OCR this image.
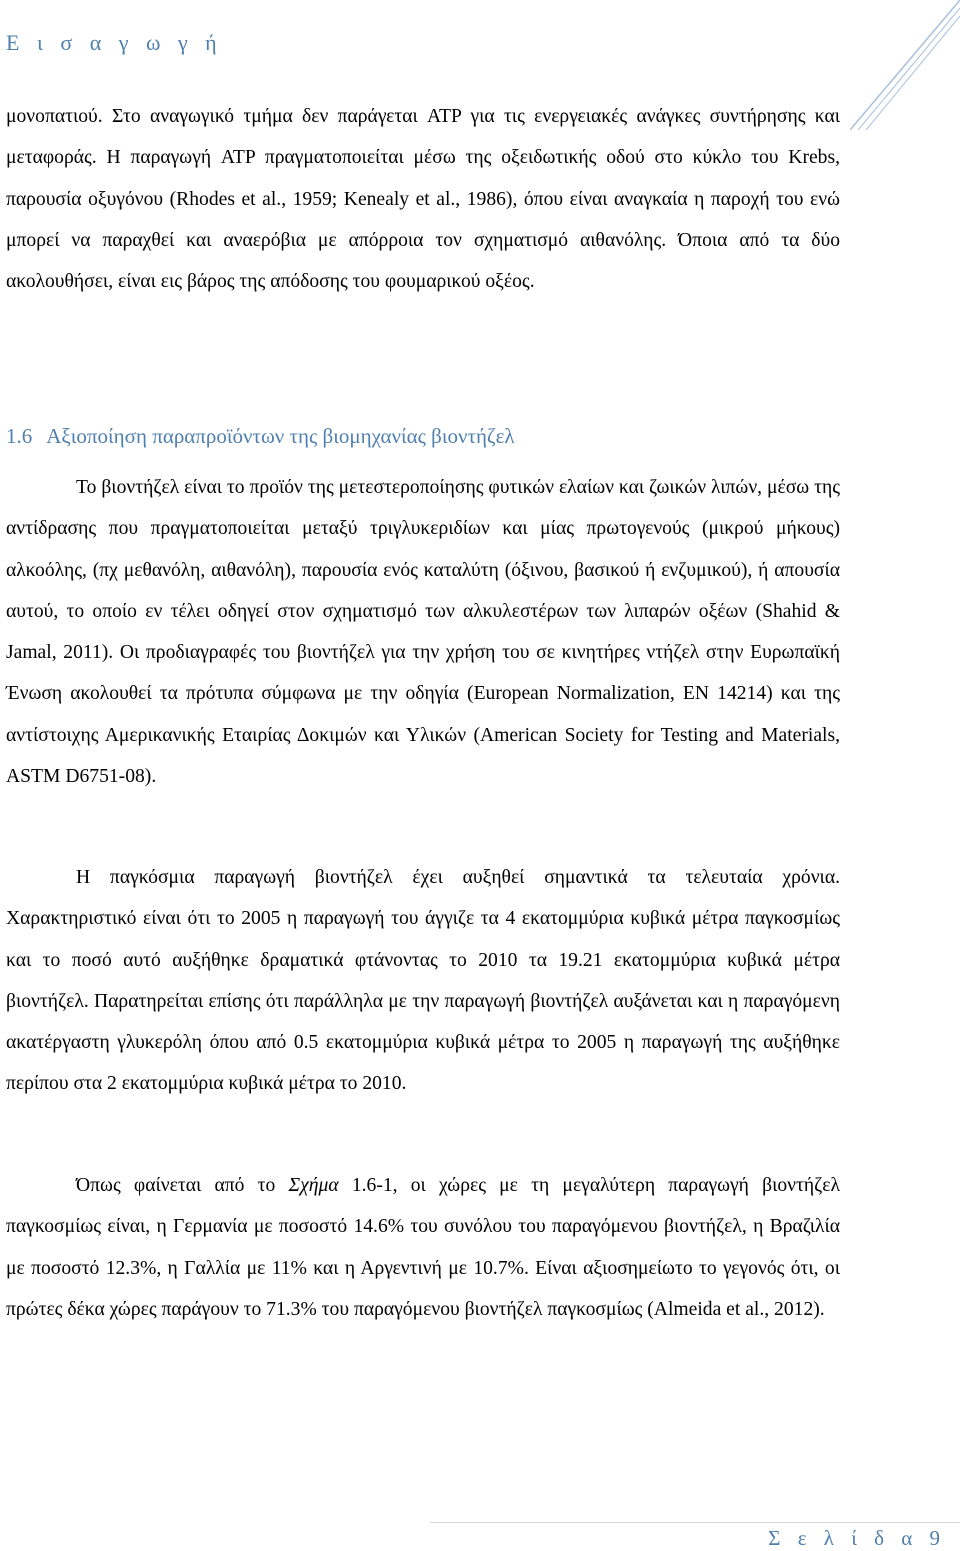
Ε ι σ α γ ω γ ή
μονοπατιού. Στο αναγωγικό τμήμα δεν παράγεται ATP για τις ενεργειακές ανάγκες συντήρησης και μεταφοράς. Η παραγωγή ATP πραγματοποιείται μέσω της οξειδωτικής οδού στο κύκλο του Krebs, παρουσία οξυγόνου (Rhodes et al., 1959; Kenealy et al., 1986), όπου είναι αναγκαία η παροχή του ενώ μπορεί να παραχθεί και αναερόβια με απόρροια τον σχηματισμό αιθανόλης. Όποια από τα δύο ακολουθήσει, είναι εις βάρος της απόδοσης του φουμαρικού οξέος.
1.6 Αξιοποίηση παραπροϊόντων της βιομηχανίας βιοντήζελ
Το βιοντήζελ είναι το προϊόν της μετεστεροποίησης φυτικών ελαίων και ζωικών λιπών, μέσω της αντίδρασης που πραγματοποιείται μεταξύ τριγλυκεριδίων και μίας πρωτογενούς (μικρού μήκους) αλκοόλης, (πχ μεθανόλη, αιθανόλη), παρουσία ενός καταλύτη (όξινου, βασικού ή ενζυμικού), ή απουσία αυτού, το οποίο εν τέλει οδηγεί στον σχηματισμό των αλκυλεστέρων των λιπαρών οξέων (Shahid & Jamal, 2011). Οι προδιαγραφές του βιοντήζελ για την χρήση του σε κινητήρες ντήζελ στην Ευρωπαϊκή Ένωση ακολουθεί τα πρότυπα σύμφωνα με την οδηγία (European Normalization, EN 14214) και της αντίστοιχης Αμερικανικής Εταιρίας Δοκιμών και Υλικών (American Society for Testing and Materials, ASTM D6751-08).
Η παγκόσμια παραγωγή βιοντήζελ έχει αυξηθεί σημαντικά τα τελευταία χρόνια. Χαρακτηριστικό είναι ότι το 2005 η παραγωγή του άγγιζε τα 4 εκατομμύρια κυβικά μέτρα παγκοσμίως και το ποσό αυτό αυξήθηκε δραματικά φτάνοντας το 2010 τα 19.21 εκατομμύρια κυβικά μέτρα βιοντήζελ. Παρατηρείται επίσης ότι παράλληλα με την παραγωγή βιοντήζελ αυξάνεται και η παραγόμενη ακατέργαστη γλυκερόλη όπου από 0.5 εκατομμύρια κυβικά μέτρα το 2005 η παραγωγή της αυξήθηκε περίπου στα 2 εκατομμύρια κυβικά μέτρα το 2010.
Όπως φαίνεται από το Σχήμα 1.6-1, οι χώρες με τη μεγαλύτερη παραγωγή βιοντήζελ παγκοσμίως είναι, η Γερμανία με ποσοστό 14.6% του συνόλου του παραγόμενου βιοντήζελ, η Βραζιλία με ποσοστό 12.3%, η Γαλλία με 11% και η Αργεντινή με 10.7%. Είναι αξιοσημείωτο το γεγονός ότι, οι πρώτες δέκα χώρες παράγουν το 71.3% του παραγόμενου βιοντήζελ παγκοσμίως (Almeida et al., 2012).
Σ ε λ ί δ α 9
